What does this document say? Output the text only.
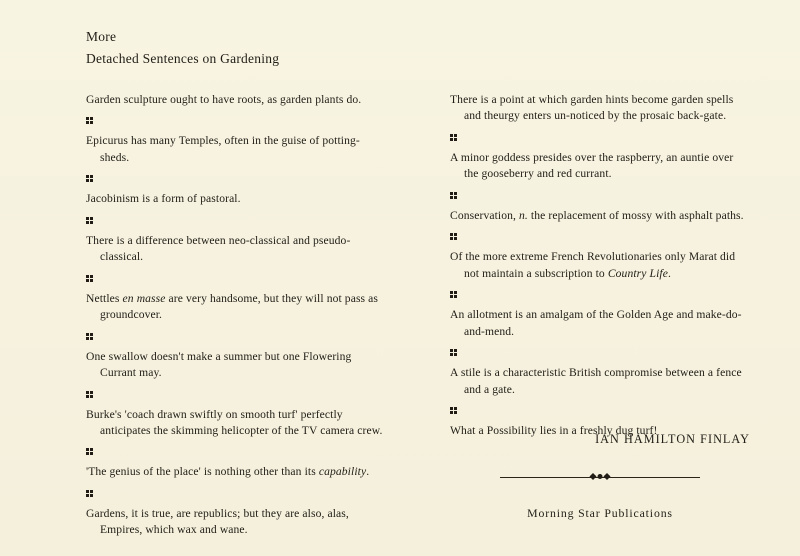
More
Detached Sentences on Gardening

Garden sculpture ought to have roots, as garden plants do.

Epicurus has many Temples, often in the guise of potting-sheds.

Jacobinism is a form of pastoral.

There is a difference between neo-classical and pseudo-classical.

Nettles en masse are very handsome, but they will not pass as groundcover.

One swallow doesn't make a summer but one Flowering Currant may.

Burke's 'coach drawn swiftly on smooth turf' perfectly anticipates the skimming helicopter of the TV camera crew.

'The genius of the place' is nothing other than its capability.

Gardens, it is true, are republics; but they are also, alas, Empires, which wax and wane.

There is a point at which garden hints become garden spells and theurgy enters un-noticed by the prosaic back-gate.

A minor goddess presides over the raspberry, an auntie over the gooseberry and red currant.

Conservation, n. the replacement of mossy with asphalt paths.

Of the more extreme French Revolutionaries only Marat did not maintain a subscription to Country Life.

An allotment is an amalgam of the Golden Age and make-do-and-mend.

A stile is a characteristic British compromise between a fence and a gate.

What a Possibility lies in a freshly dug turf!

IAN HAMILTON FINLAY
Morning Star Publications
